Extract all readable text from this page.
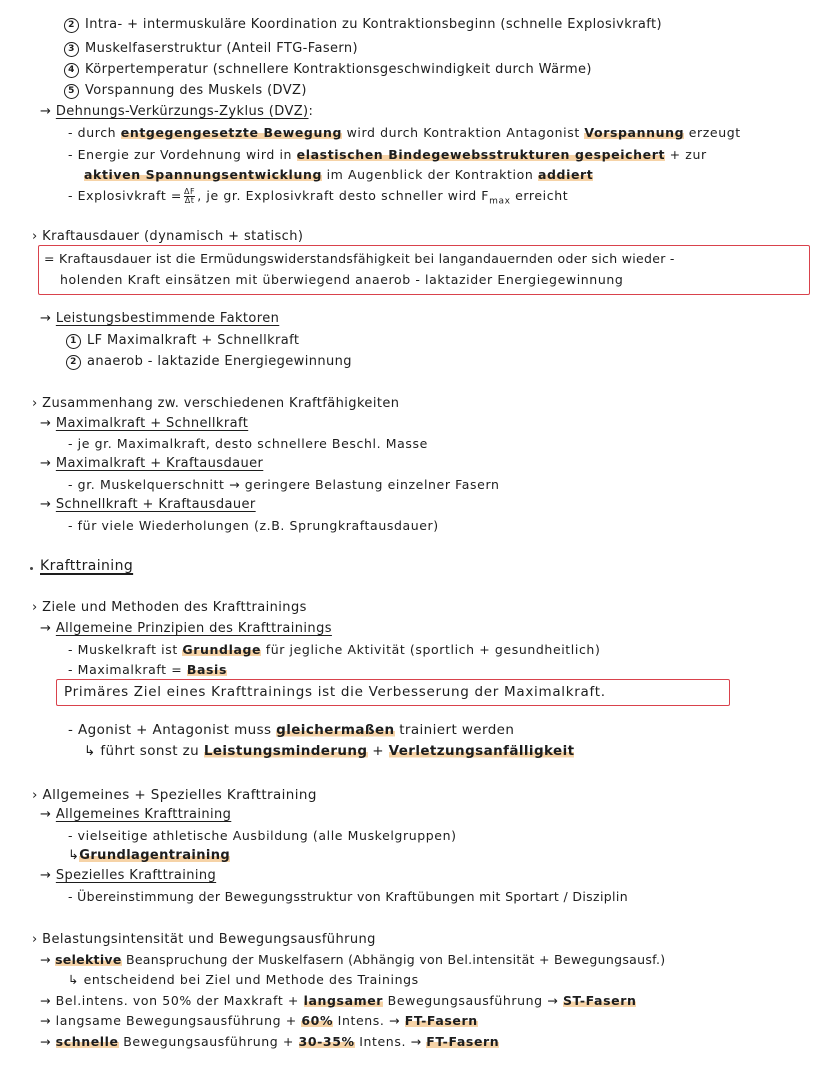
2 Intra- + intermuskuläre Koordination zu Kontraktionsbeginn (schnelle Explosivkraft)
3 Muskelfaserstruktur (Anteil FTG-Fasern)
4 Körpertemperatur (schnellere Kontraktionsgeschwindigkeit durch Wärme)
5 Vorspannung des Muskels (DVZ)
→ Dehnungs-Verkürzungs-Zyklus (DVZ):
- durch entgegengesetzte Bewegung wird durch Kontraktion Antagonist Vorspannung erzeugt
- Energie zur Vordehnung wird in elastischen Bindegewebsstrukturen gespeichert + zur
aktiven Spannungsentwicklung im Augenblick der Kontraktion addiert
- Explosivkraft = $\frac{\Delta F}{\Delta t}$ , je gr. Explosivkraft desto schneller wird $F_{max}$ erreicht
› Kraftausdauer (dynamisch + statisch)
= Kraftausdauer ist die Ermüdungswiderstandsfähigkeit bei langandauernden oder sich wieder -
holenden Kraft einsätzen mit überwiegend anaerob - laktazider Energiegewinnung
→ Leistungsbestimmende Faktoren
1 LF Maximalkraft + Schnellkraft
2 anaerob - laktazide Energiegewinnung
› Zusammenhang zw. verschiedenen Kraftfähigkeiten
→ Maximalkraft + Schnellkraft
- je gr. Maximalkraft, desto schnellere Beschl. Masse
→ Maximalkraft + Kraftausdauer
- gr. Muskelquerschnitt → geringere Belastung einzelner Fasern
→ Schnellkraft + Kraftausdauer
- für viele Wiederholungen (z.B. Sprungkraftausdauer)
Krafttraining
› Ziele und Methoden des Krafttrainings
→ Allgemeine Prinzipien des Krafttrainings
- Muskelkraft ist Grundlage für jegliche Aktivität (sportlich + gesundheitlich)
- Maximalkraft = Basis
Primäres Ziel eines Krafttrainings ist die Verbesserung der Maximalkraft.
- Agonist + Antagonist muss gleichermaßen trainiert werden
↳ führt sonst zu Leistungsminderung + Verletzungsanfälligkeit
› Allgemeines + Spezielles Krafttraining
→ Allgemeines Krafttraining
- vielseitige athletische Ausbildung (alle Muskelgruppen)
↳Grundlagentraining
→ Spezielles Krafttraining
- Übereinstimmung der Bewegungsstruktur von Kraftübungen mit Sportart / Disziplin
› Belastungsintensität und Bewegungsausführung
→ selektive Beanspruchung der Muskelfasern (Abhängig von Bel.intensität + Bewegungsausf.)
↳ entscheidend bei Ziel und Methode des Trainings
→ Bel.intens. von 50% der Maxkraft + langsamer Bewegungsausführung → ST-Fasern
→ langsame Bewegungsausführung + 60% Intens. → FT-Fasern
→ schnelle Bewegungsausführung + 30-35% Intens. → FT-Fasern
